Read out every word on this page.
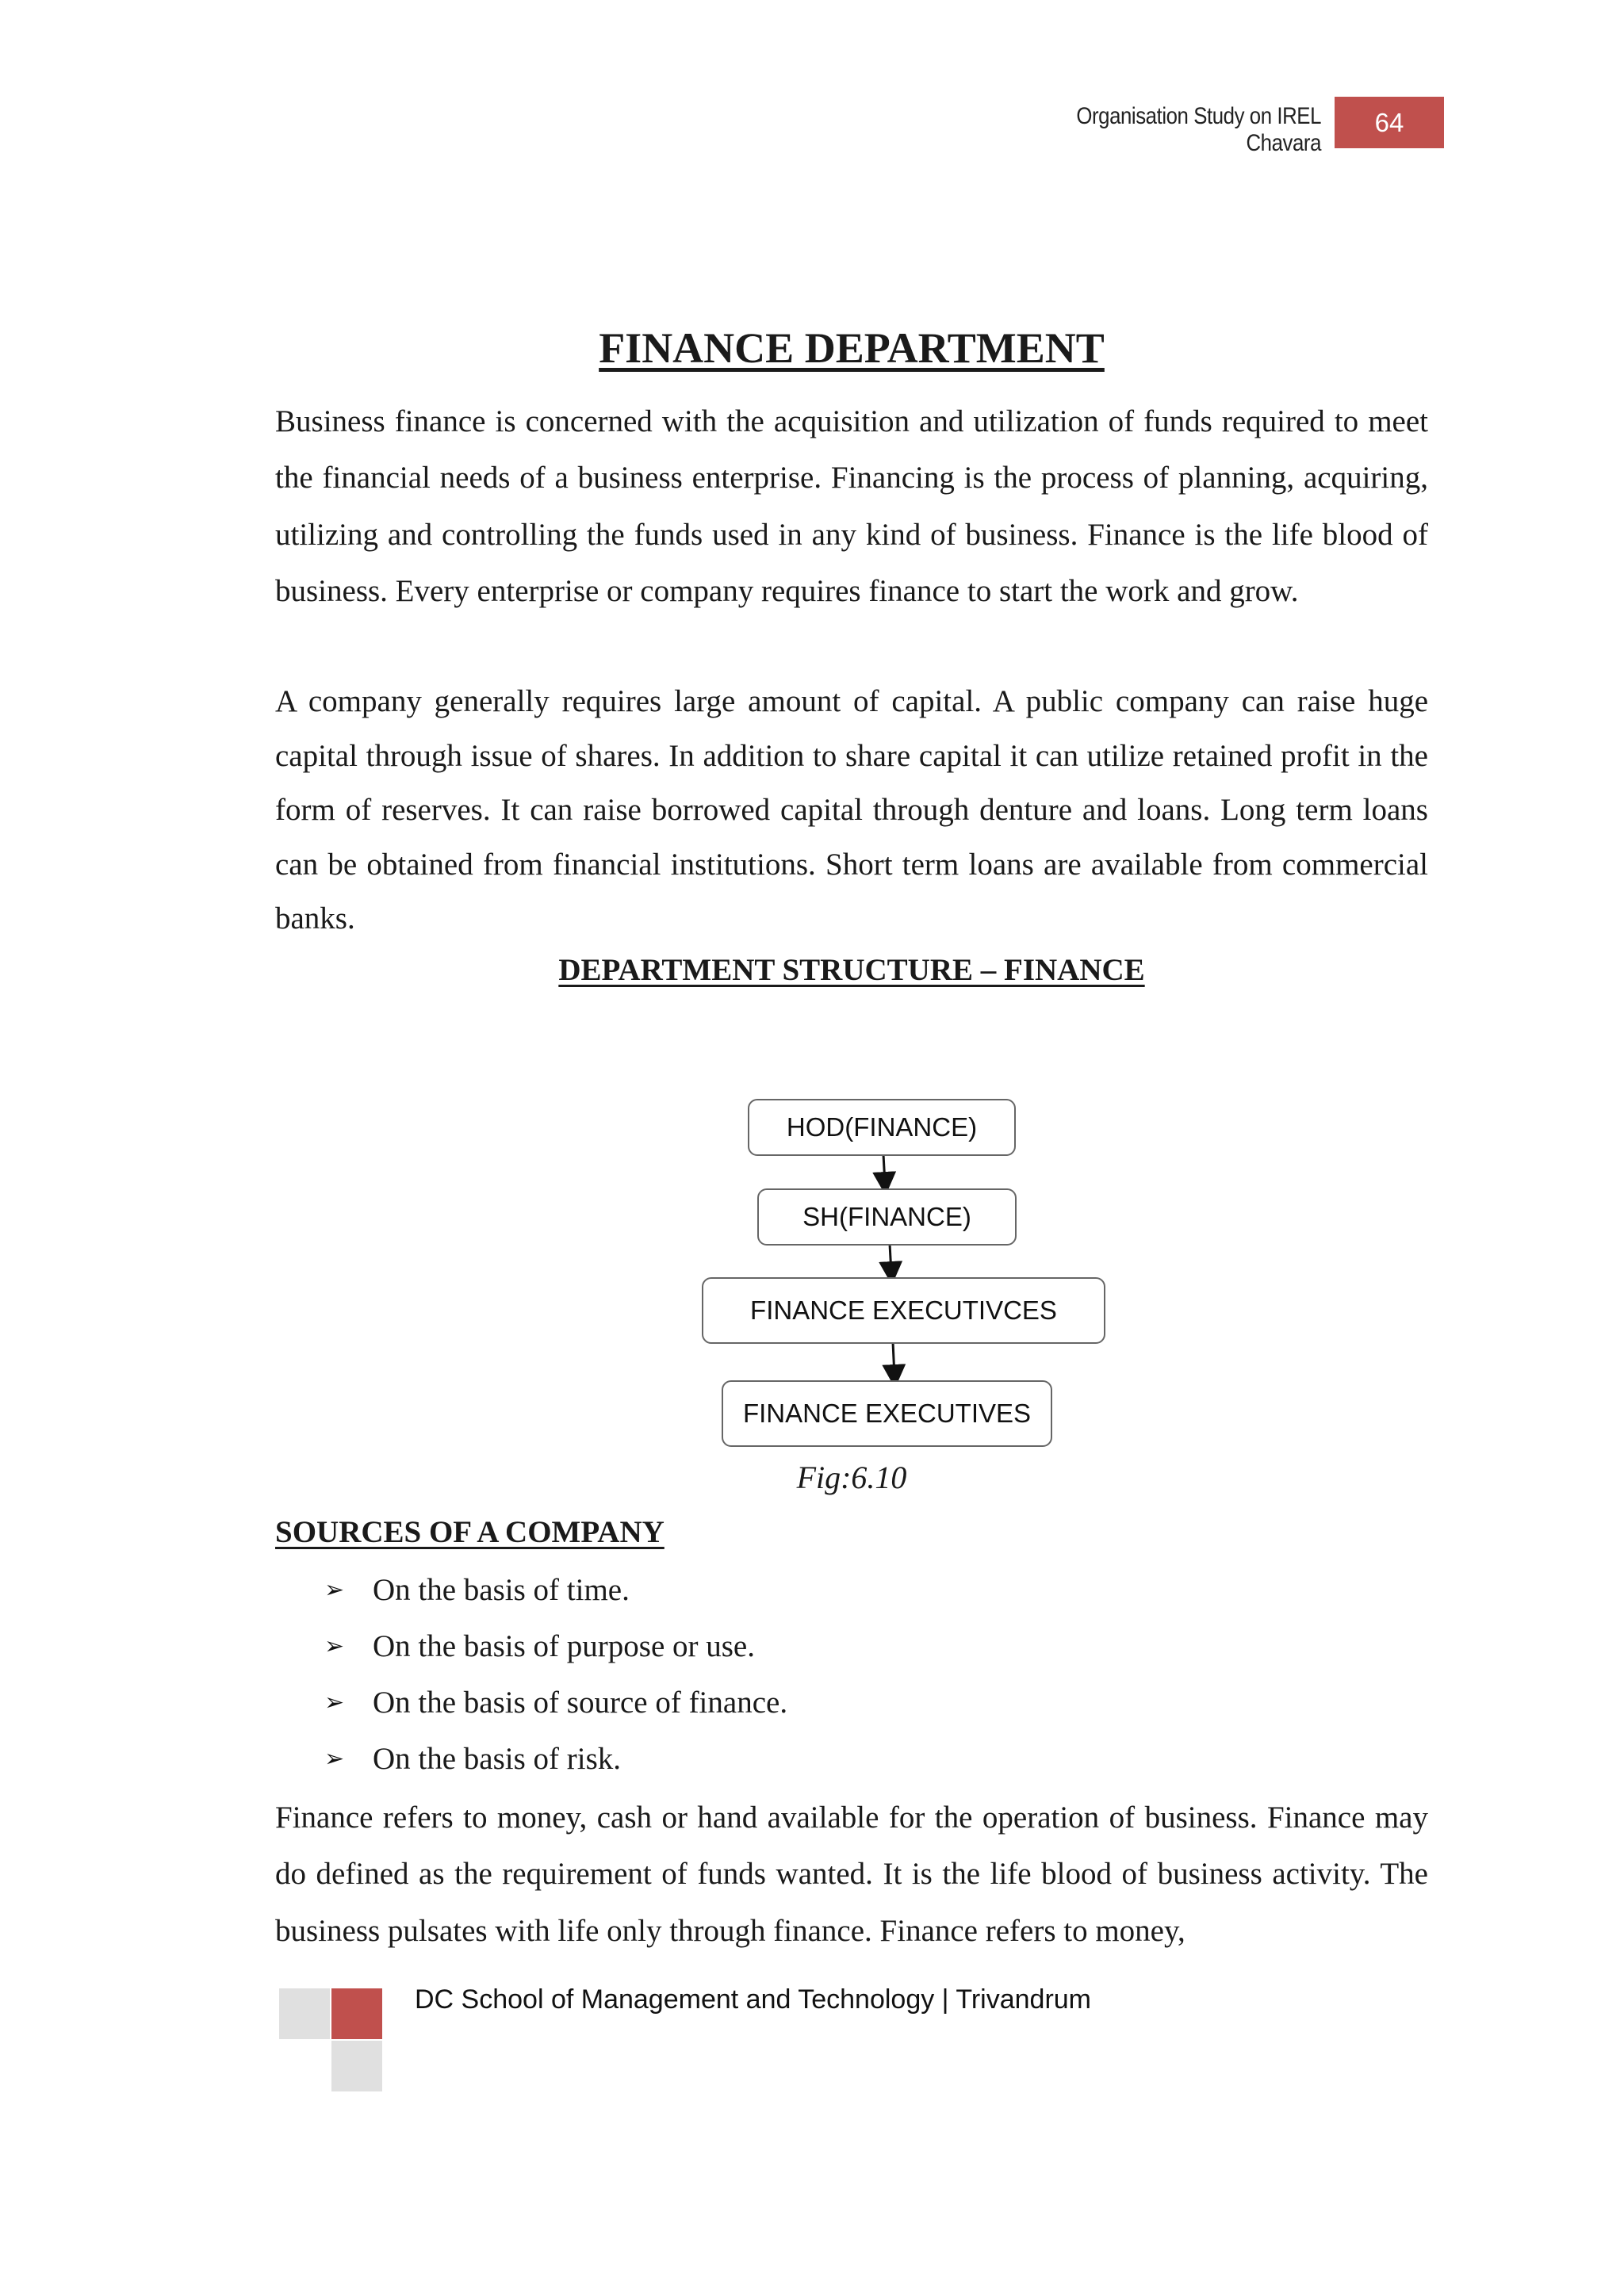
Organisation Study on IREL Chavara
64
FINANCE DEPARTMENT
Business finance is concerned with the acquisition and utilization of funds required to meet the financial needs of a business enterprise. Financing is the process of planning, acquiring, utilizing and controlling the funds used in any kind of business. Finance is the life blood of business. Every enterprise or company requires finance to start the work and grow.
A company generally requires large amount of capital. A public company can raise huge capital through issue of shares. In addition to share capital it can utilize retained profit in the form of reserves. It can raise borrowed capital through denture and loans. Long term loans can be obtained from financial institutions. Short term loans are available from commercial banks.
DEPARTMENT STRUCTURE – FINANCE
Fig:6.10
SOURCES OF A COMPANY
➢ On the basis of time.
➢ On the basis of purpose or use.
➢ On the basis of source of finance.
➢ On the basis of risk.
Finance refers to money, cash or hand available for the operation of business. Finance may do defined as the requirement of funds wanted. It is the life blood of business activity. The business pulsates with life only through finance. Finance refers to money,
HOD(FINANCE)
SH(FINANCE)
FINANCE EXECUTIVCES
FINANCE EXECUTIVES
DC School of Management and Technology | Trivandrum
